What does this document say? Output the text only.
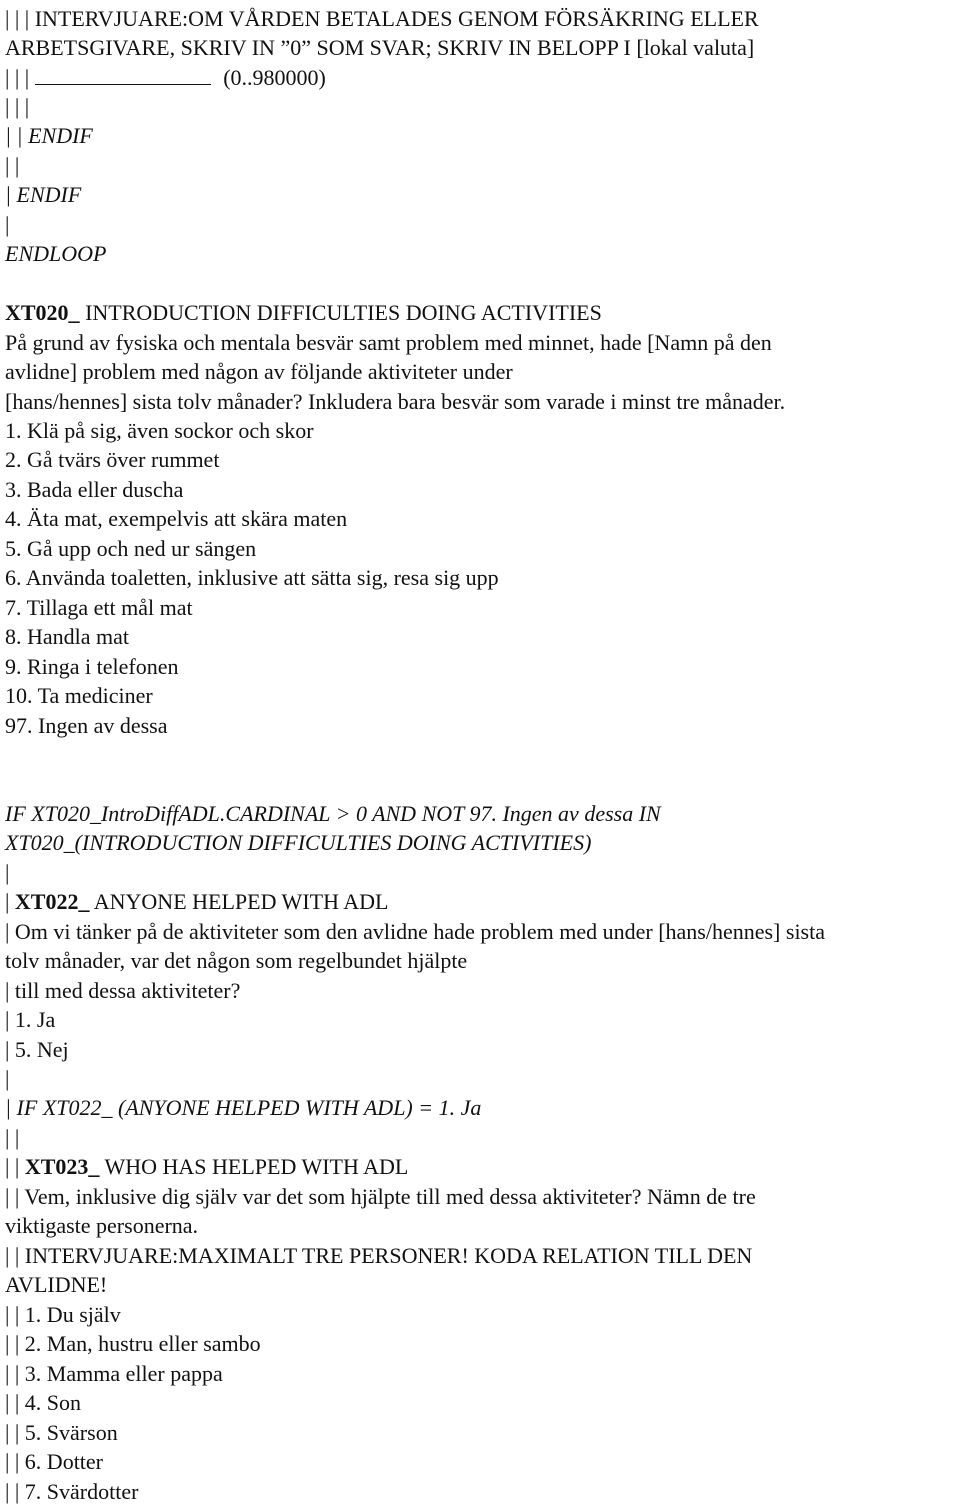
| | | INTERVJUARE:OM VÅRDEN BETALADES GENOM FÖRSÄKRING ELLER
ARBETSGIVARE, SKRIV IN ”0” SOM SVAR; SKRIV IN BELOPP I [lokal valuta]
| | |	(0..980000)
| | |
| | ENDIF
| |
| ENDIF
|
ENDLOOP
XT020_ INTRODUCTION DIFFICULTIES DOING ACTIVITIES
På grund av fysiska och mentala besvär samt problem med minnet, hade [Namn på den
avlidne] problem med någon av följande aktiviteter under
[hans/hennes] sista tolv månader? Inkludera bara besvär som varade i minst tre månader.
1. Klä på sig, även sockor och skor
2. Gå tvärs över rummet
3. Bada eller duscha
4. Äta mat, exempelvis att skära maten
5. Gå upp och ned ur sängen
6. Använda toaletten, inklusive att sätta sig, resa sig upp
7. Tillaga ett mål mat
8. Handla mat
9. Ringa i telefonen
10. Ta mediciner
97. Ingen av dessa
IF XT020_IntroDiffADL.CARDINAL > 0 AND NOT 97. Ingen av dessa IN
XT020_(INTRODUCTION DIFFICULTIES DOING ACTIVITIES)
|
| XT022_ ANYONE HELPED WITH ADL
| Om vi tänker på de aktiviteter som den avlidne hade problem med under [hans/hennes] sista
tolv månader, var det någon som regelbundet hjälpte
| till med dessa aktiviteter?
| 1. Ja
| 5. Nej
|
| IF XT022_ (ANYONE HELPED WITH ADL) = 1. Ja
| |
| | XT023_ WHO HAS HELPED WITH ADL
| | Vem, inklusive dig själv var det som hjälpte till med dessa aktiviteter? Nämn de tre
viktigaste personerna.
| | INTERVJUARE:MAXIMALT TRE PERSONER! KODA RELATION TILL DEN
AVLIDNE!
| | 1. Du själv
| | 2. Man, hustru eller sambo
| | 3. Mamma eller pappa
| | 4. Son
| | 5. Svärson
| | 6. Dotter
| | 7. Svärdotter
